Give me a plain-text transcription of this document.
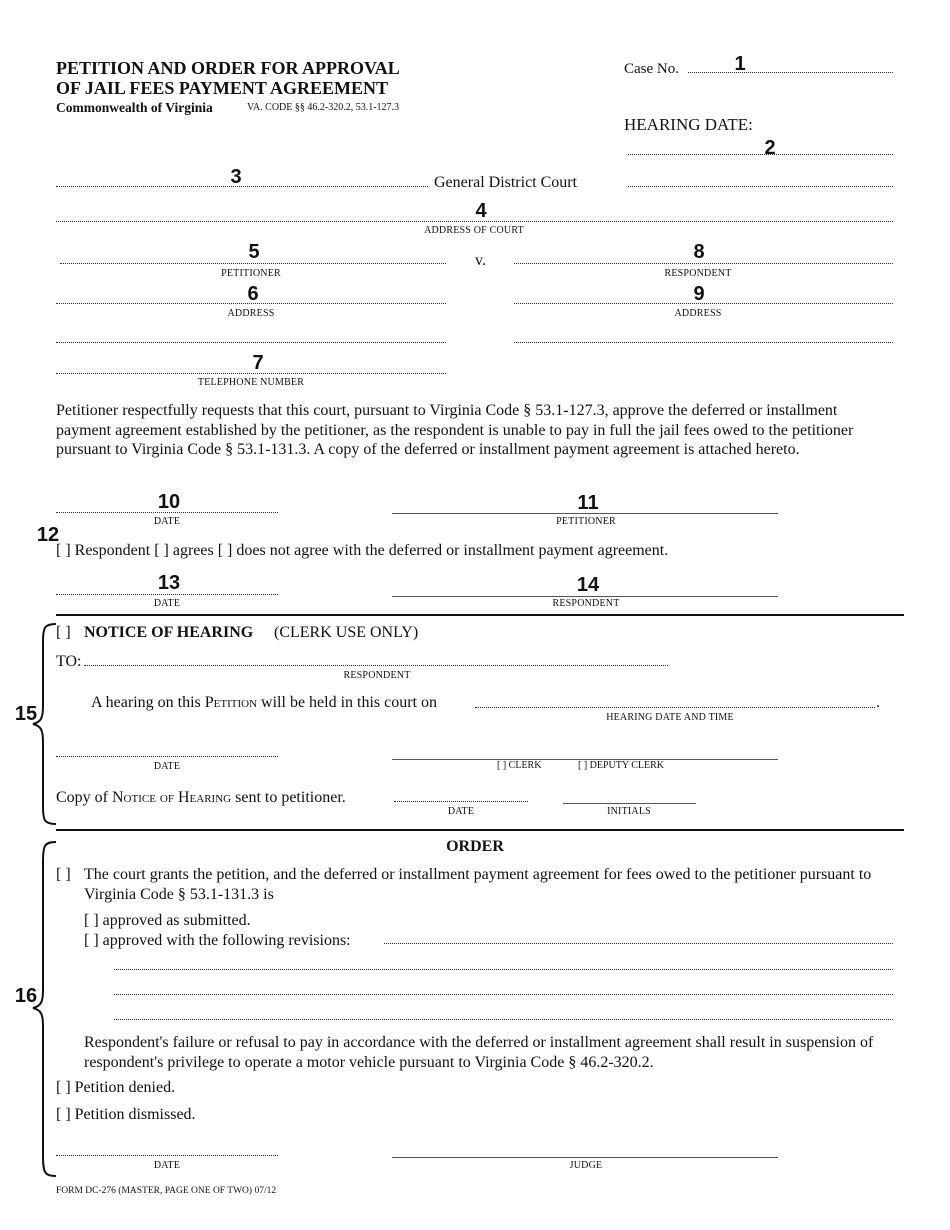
PETITION AND ORDER FOR APPROVAL
OF JAIL FEES PAYMENT AGREEMENT
Commonwealth of Virginia	VA. CODE §§ 46.2-320.2, 53.1-127.3
Case No.	1
HEARING DATE:
2
3	General District Court
4
ADDRESS OF COURT
5
PETITIONER
v.	8
RESPONDENT
6
ADDRESS
9
ADDRESS
7
TELEPHONE NUMBER
Petitioner respectfully requests that this court, pursuant to Virginia Code § 53.1-127.3, approve the deferred or installment payment agreement established by the petitioner, as the respondent is unable to pay in full the jail fees owed to the petitioner pursuant to Virginia Code § 53.1-131.3. A copy of the deferred or installment payment agreement is attached hereto.
10
DATE
11
PETITIONER
12
[ ] Respondent [ ] agrees [ ] does not agree with the deferred or installment payment agreement.
13
DATE
14
RESPONDENT
15
[ ] NOTICE OF HEARING (CLERK USE ONLY)
TO:
RESPONDENT
A hearing on this Petition will be held in this court on	.
HEARING DATE AND TIME
DATE	[ ] CLERK	[ ] DEPUTY CLERK
Copy of Notice of Hearing sent to petitioner.
DATE	INITIALS
16
ORDER
[ ] The court grants the petition, and the deferred or installment payment agreement for fees owed to the petitioner pursuant to Virginia Code § 53.1-131.3 is
[ ] approved as submitted.
[ ] approved with the following revisions:
Respondent's failure or refusal to pay in accordance with the deferred or installment agreement shall result in suspension of respondent's privilege to operate a motor vehicle pursuant to Virginia Code § 46.2-320.2.
[ ] Petition denied.
[ ] Petition dismissed.
DATE	JUDGE
FORM DC-276 (MASTER, PAGE ONE OF TWO) 07/12
